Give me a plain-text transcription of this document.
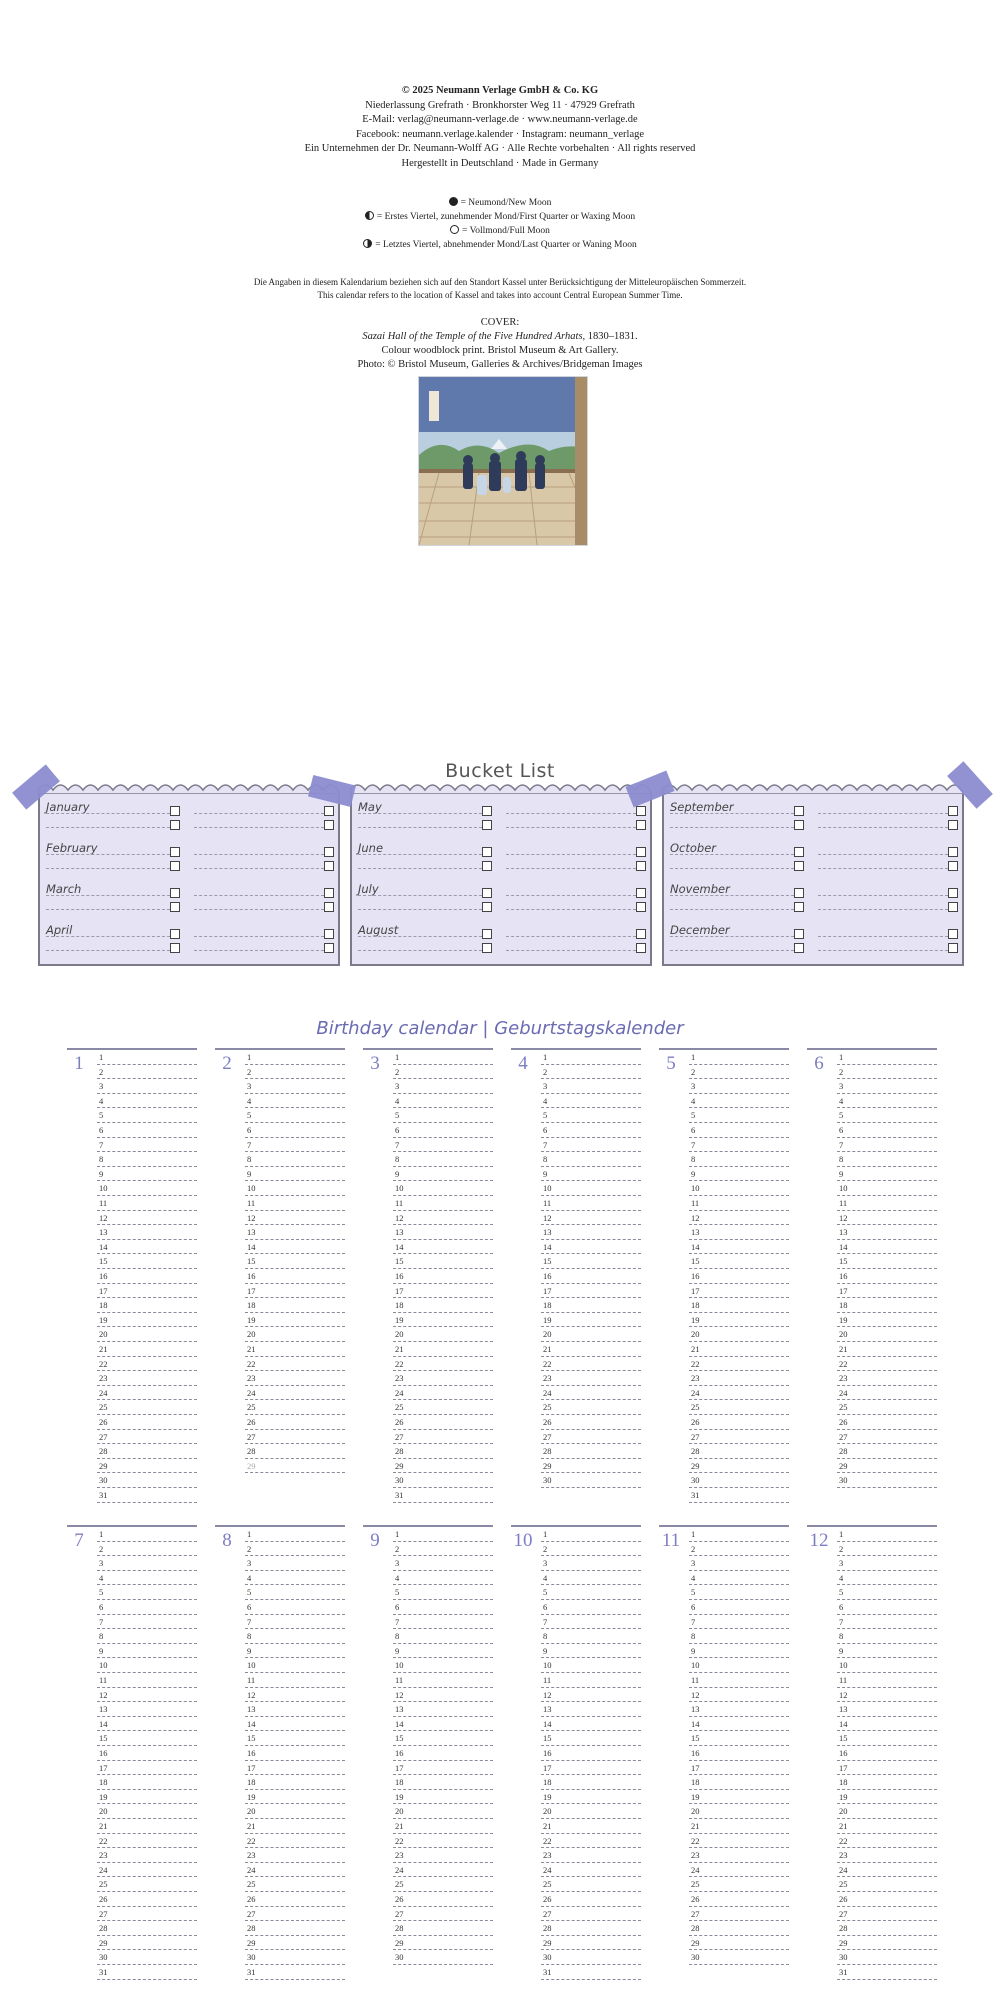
© 2025 Neumann Verlage GmbH & Co. KG
Niederlassung Grefrath · Bronkhorster Weg 11 · 47929 Grefrath
E-Mail: verlag@neumann-verlage.de · www.neumann-verlage.de
Facebook: neumann.verlage.kalender · Instagram: neumann_verlage
Ein Unternehmen der Dr. Neumann-Wolff AG · Alle Rechte vorbehalten · All rights reserved
Hergestellt in Deutschland · Made in Germany
= Neumond/New Moon
= Erstes Viertel, zunehmender Mond/First Quarter or Waxing Moon
= Vollmond/Full Moon
= Letztes Viertel, abnehmender Mond/Last Quarter or Waning Moon
Die Angaben in diesem Kalendarium beziehen sich auf den Standort Kassel unter Berücksichtigung der Mitteleuropäischen Sommerzeit.
This calendar refers to the location of Kassel and takes into account Central European Summer Time.
COVER:
Sazai Hall of the Temple of the Five Hundred Arhats, 1830–1831.
Colour woodblock print. Bristol Museum & Art Gallery.
Photo: © Bristol Museum, Galleries & Archives/Bridgeman Images
Bucket List
January
February
March
April
May
June
July
August
September
October
November
December
Birthday calendar | Geburtstagskalender
1	1
2
3
4
5
6
7
8
9
10
11
12
13
14
15
16
17
18
19
20
21
22
23
24
25
26
27
28
29
30
31
2	1
2
3
4
5
6
7
8
9
10
11
12
13
14
15
16
17
18
19
20
21
22
23
24
25
26
27
28
29
3	1
2
3
4
5
6
7
8
9
10
11
12
13
14
15
16
17
18
19
20
21
22
23
24
25
26
27
28
29
30
31
4	1
2
3
4
5
6
7
8
9
10
11
12
13
14
15
16
17
18
19
20
21
22
23
24
25
26
27
28
29
30
5	1
2
3
4
5
6
7
8
9
10
11
12
13
14
15
16
17
18
19
20
21
22
23
24
25
26
27
28
29
30
31
6	1
2
3
4
5
6
7
8
9
10
11
12
13
14
15
16
17
18
19
20
21
22
23
24
25
26
27
28
29
30
7	1
2
3
4
5
6
7
8
9
10
11
12
13
14
15
16
17
18
19
20
21
22
23
24
25
26
27
28
29
30
31
8	1
2
3
4
5
6
7
8
9
10
11
12
13
14
15
16
17
18
19
20
21
22
23
24
25
26
27
28
29
30
31
9	1
2
3
4
5
6
7
8
9
10
11
12
13
14
15
16
17
18
19
20
21
22
23
24
25
26
27
28
29
30
10 1
2
3
4
5
6
7
8
9
10
11
12
13
14
15
16
17
18
19
20
21
22
23
24
25
26
27
28
29
30
31
11	1
2
3
4
5
6
7
8
9
10
11
12
13
14
15
16
17
18
19
20
21
22
23
24
25
26
27
28
29
30
12 1
2
3
4
5
6
7
8
9
10
11
12
13
14
15
16
17
18
19
20
21
22
23
24
25
26
27
28
29
30
31
